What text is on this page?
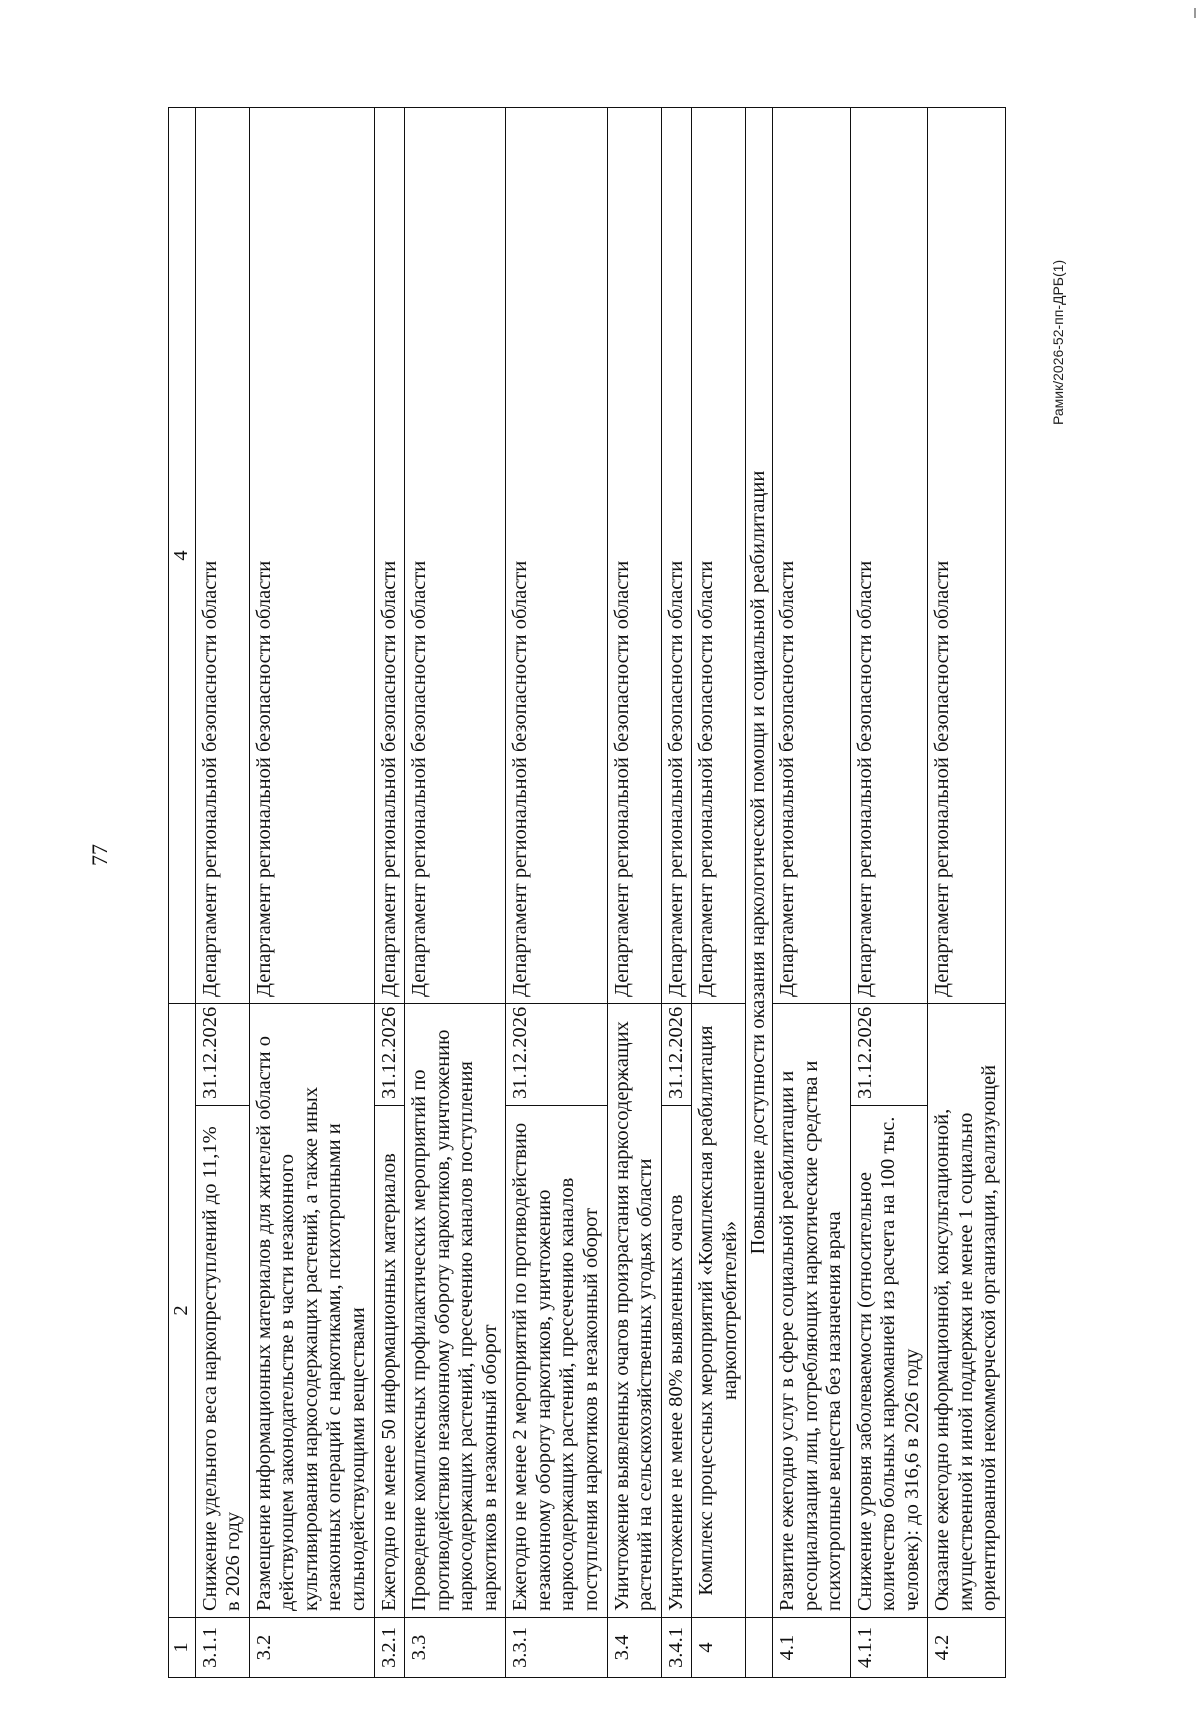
77
Рамик/2026-52-пп-ДРБ(1)
1	2		4
3.1.1	Снижение удельного веса наркопреступлений до 11,1% в 2026 году	31.12.2026	Департамент региональной безопасности области
3.2	Размещение информационных материалов для жителей области о действующем законодательстве в части незаконного культивирования наркосодержащих растений, а также иных незаконных операций с наркотиками, психотропными и сильнодействующими веществами		Департамент региональной безопасности области
3.2.1	Ежегодно не менее 50 информационных материалов	31.12.2026	Департамент региональной безопасности области
3.3	Проведение комплексных профилактических мероприятий по противодействию незаконному обороту наркотиков, уничтожению наркосодержащих растений, пресечению каналов поступления наркотиков в незаконный оборот		Департамент региональной безопасности области
3.3.1	Ежегодно не менее 2 мероприятий по противодействию незаконному обороту наркотиков, уничтожению наркосодержащих растений, пресечению каналов поступления наркотиков в незаконный оборот	31.12.2026	Департамент региональной безопасности области
3.4	Уничтожение выявленных очагов произрастания наркосодержащих растений на сельскохозяйственных угодьях области		Департамент региональной безопасности области
3.4.1	Уничтожение не менее 80% выявленных очагов	31.12.2026	Департамент региональной безопасности области
4	Комплекс процессных мероприятий «Комплексная реабилитация наркопотребителей»		Департамент региональной безопасности области
	Повышение доступности оказания наркологической помощи и социальной реабилитации		
4.1	Развитие ежегодно услуг в сфере социальной реабилитации и ресоциализации лиц, потребляющих наркотические средства и психотропные вещества без назначения врача		Департамент региональной безопасности области
4.1.1	Снижение уровня заболеваемости (относительное количество больных наркоманией из расчета на 100 тыс. человек): до 316,6 в 2026 году	31.12.2026	Департамент региональной безопасности области
4.2	Оказание ежегодно информационной, консультационной, имущественной и иной поддержки не менее 1 социально ориентированной некоммерческой организации, реализующей		Департамент региональной безопасности области
